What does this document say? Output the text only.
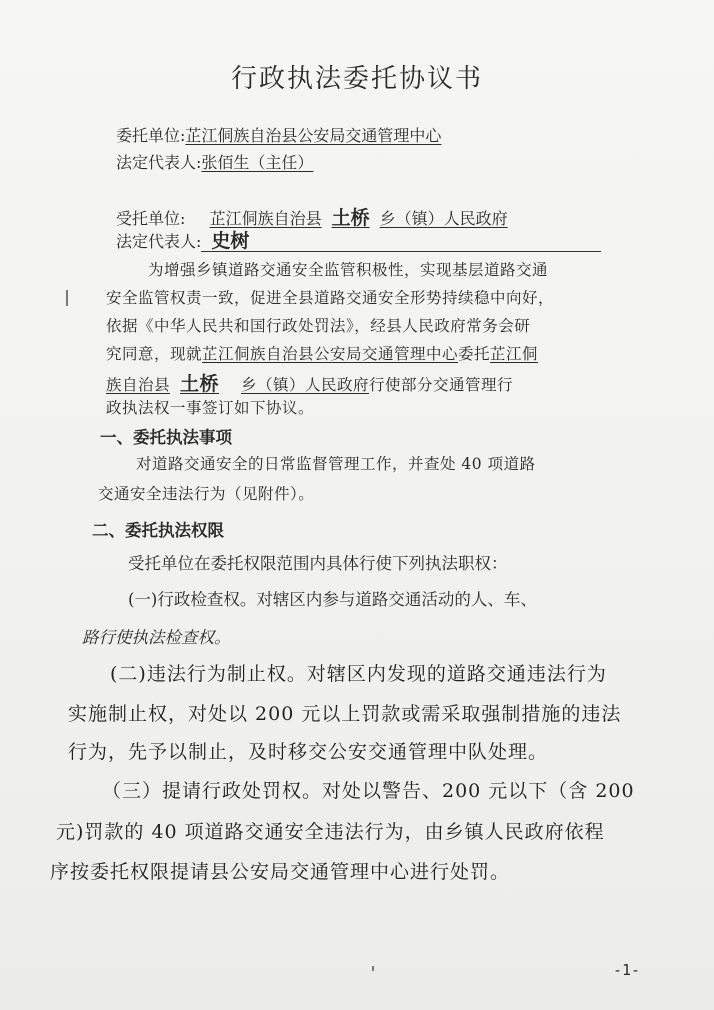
行政执法委托协议书
委托单位:芷江侗族自治县公安局交通管理中心
法定代表人:张佰生（主任）
受托单位: 芷江侗族自治县 土桥 乡（镇）人民政府
法定代表人: 史树
为增强乡镇道路交通安全监管积极性，实现基层道路交通
安全监管权责一致，促进全县道路交通安全形势持续稳中向好，
依据《中华人民共和国行政处罚法》，经县人民政府常务会研
究同意，现就芷江侗族自治县公安局交通管理中心委托芷江侗
族自治县 土桥 乡（镇）人民政府行使部分交通管理行
政执法权一事签订如下协议。
一、委托执法事项
对道路交通安全的日常监督管理工作，并查处 40 项道路
交通安全违法行为（见附件）。
二、委托执法权限
受托单位在委托权限范围内具体行使下列执法职权：
(一)行政检查权。对辖区内参与道路交通活动的人、车、
路行使执法检查权。
(二)违法行为制止权。对辖区内发现的道路交通违法行为
实施制止权，对处以 200 元以上罚款或需采取强制措施的违法
行为，先予以制止，及时移交公安交通管理中队处理。
（三）提请行政处罚权。对处以警告、200 元以下（含 200
元)罚款的 40 项道路交通安全违法行为，由乡镇人民政府依程
序按委托权限提请县公安局交通管理中心进行处罚。
-1-
